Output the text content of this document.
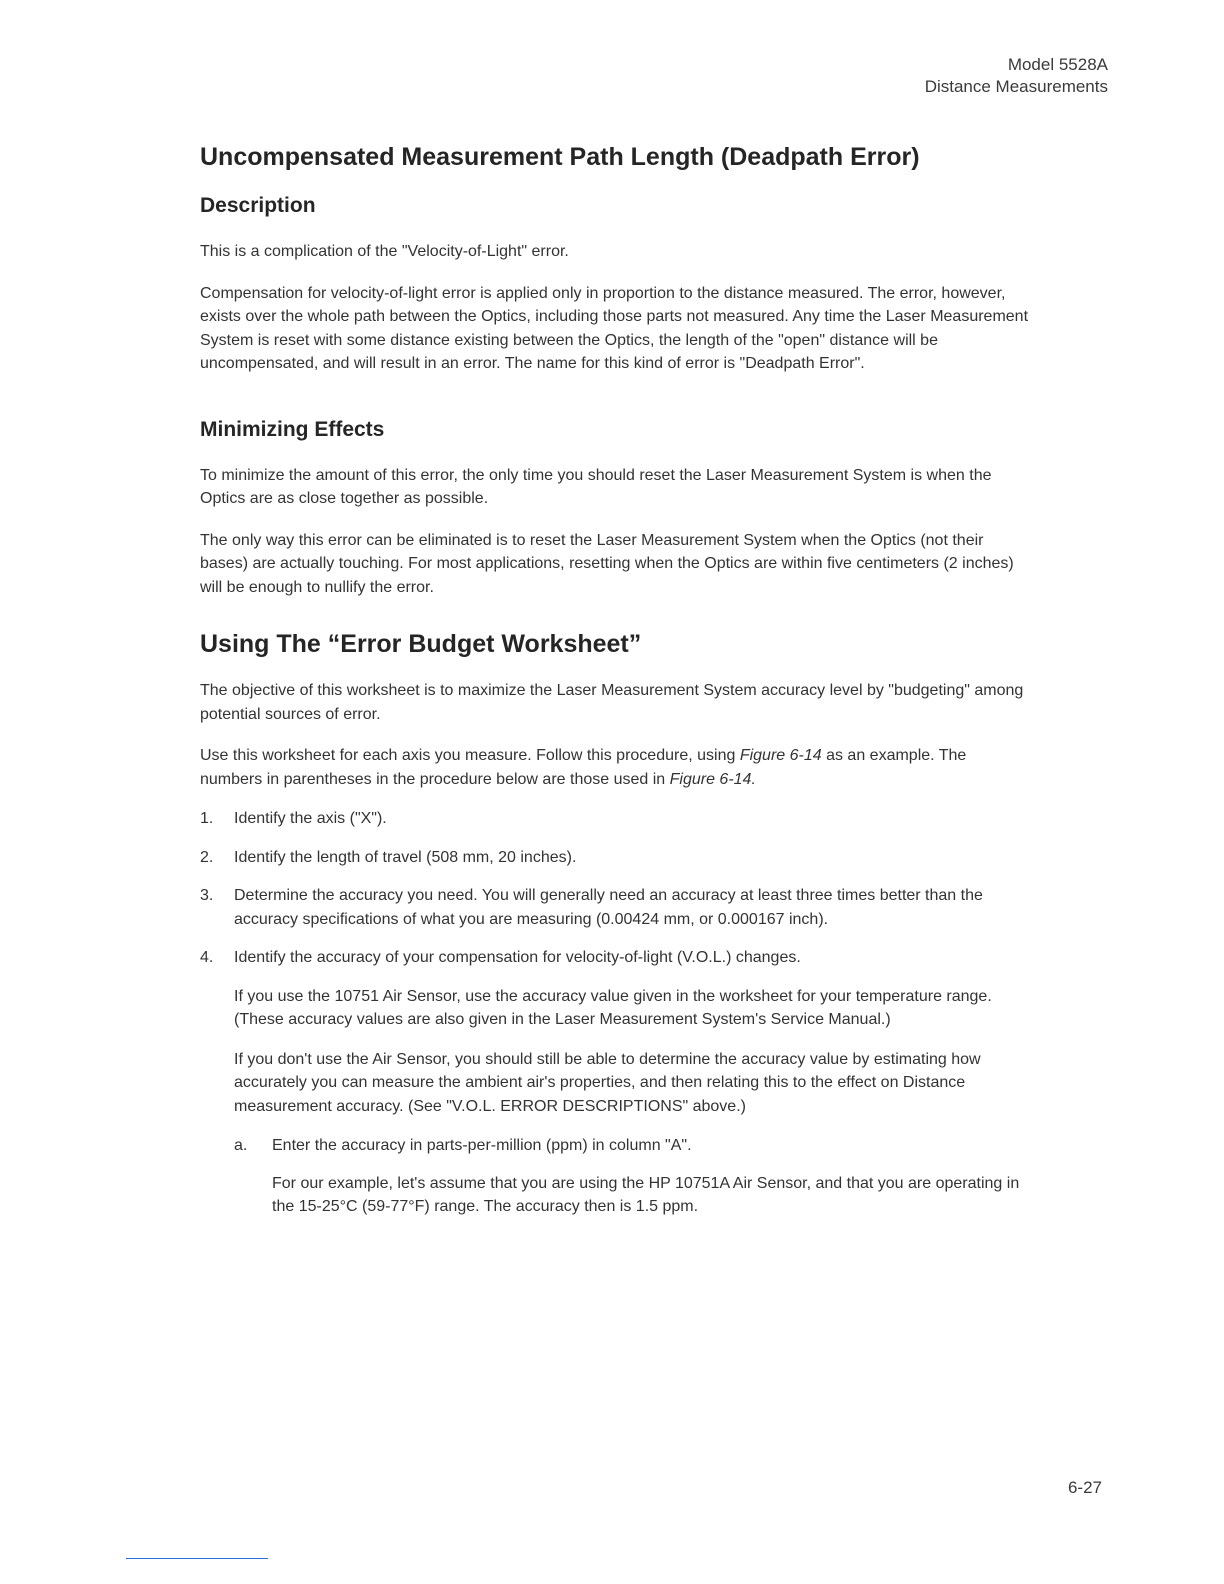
Model 5528A
Distance Measurements
Uncompensated Measurement Path Length (Deadpath Error)
Description

This is a complication of the "Velocity-of-Light" error.

Compensation for velocity-of-light error is applied only in proportion to the distance measured. The error, however, exists over the whole path between the Optics, including those parts not measured. Any time the Laser Measurement System is reset with some distance existing between the Optics, the length of the "open" distance will be uncompensated, and will result in an error. The name for this kind of error is "Deadpath Error".

Minimizing Effects

To minimize the amount of this error, the only time you should reset the Laser Measurement System is when the Optics are as close together as possible.

The only way this error can be eliminated is to reset the Laser Measurement System when the Optics (not their bases) are actually touching. For most applications, resetting when the Optics are within five centimeters (2 inches) will be enough to nullify the error.

Using The “Error Budget Worksheet”

The objective of this worksheet is to maximize the Laser Measurement System accuracy level by "budgeting" among potential sources of error.

Use this worksheet for each axis you measure. Follow this procedure, using Figure 6-14 as an example. The numbers in parentheses in the procedure below are those used in Figure 6-14.

1.	Identify the axis ("X").
2.	Identify the length of travel (508 mm, 20 inches).
3.	Determine the accuracy you need. You will generally need an accuracy at least three times better than the accuracy specifications of what you are measuring (0.00424 mm, or 0.000167 inch).
4.	Identify the accuracy of your compensation for velocity-of-light (V.O.L.) changes.

If you use the 10751 Air Sensor, use the accuracy value given in the worksheet for your temperature range. (These accuracy values are also given in the Laser Measurement System's Service Manual.)

If you don't use the Air Sensor, you should still be able to determine the accuracy value by estimating how accurately you can measure the ambient air's properties, and then relating this to the effect on Distance measurement accuracy. (See "V.O.L. ERROR DESCRIPTIONS" above.)

a.	Enter the accuracy in parts-per-million (ppm) in column "A".

For our example, let's assume that you are using the HP 10751A Air Sensor, and that you are operating in the 15-25°C (59-77°F) range. The accuracy then is 1.5 ppm.

6-27
